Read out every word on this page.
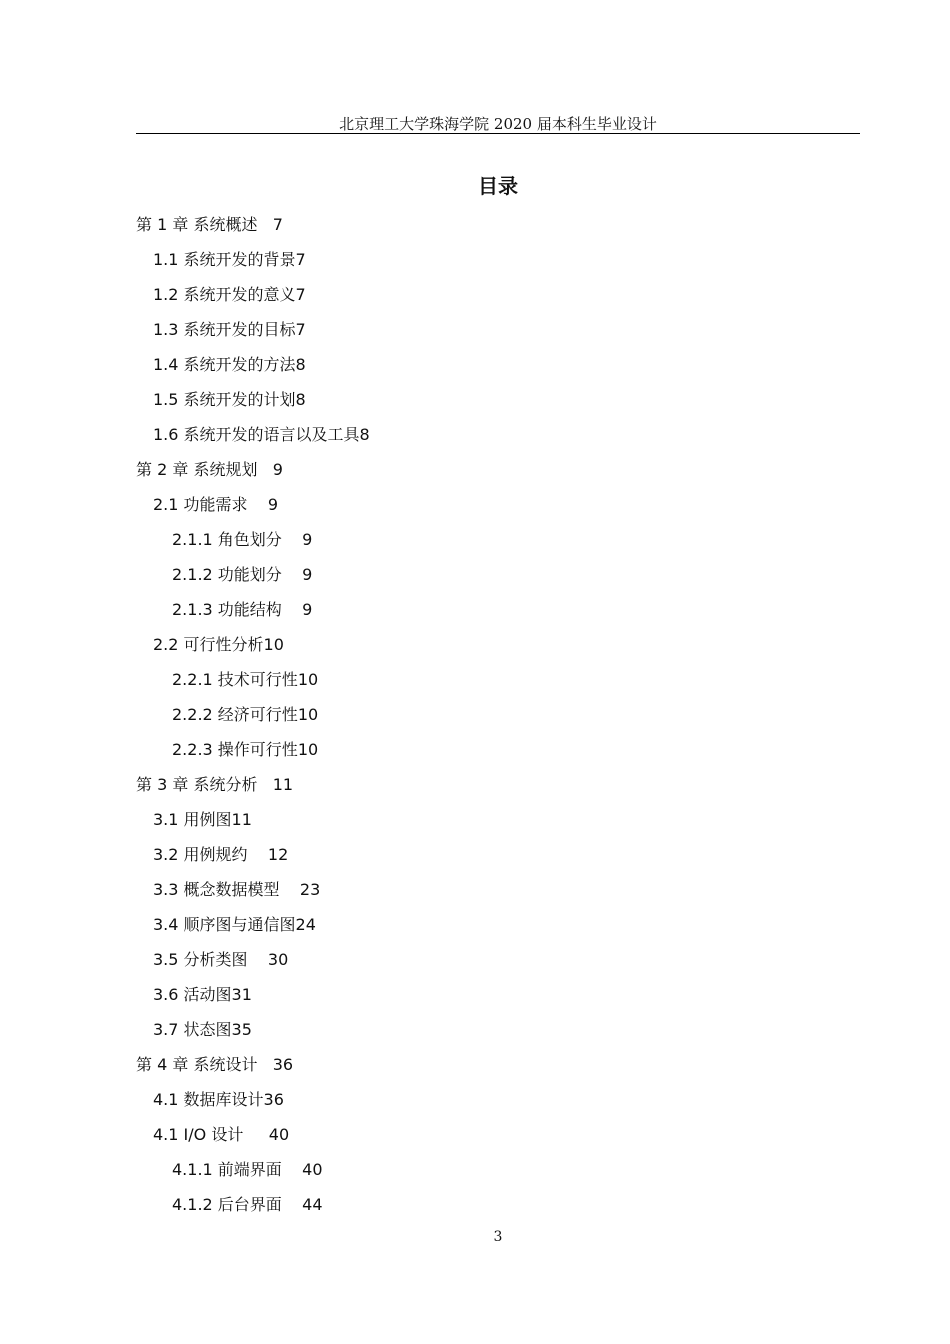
北京理工大学珠海学院 2020 届本科生毕业设计
目录
第 1 章 系统概述 7
1.1 系统开发的背景7
1.2 系统开发的意义7
1.3 系统开发的目标7
1.4 系统开发的方法8
1.5 系统开发的计划8
1.6 系统开发的语言以及工具8
第 2 章 系统规划 9
2.1 功能需求 9
2.1.1 角色划分 9
2.1.2 功能划分 9
2.1.3 功能结构 9
2.2 可行性分析10
2.2.1 技术可行性10
2.2.2 经济可行性10
2.2.3 操作可行性10
第 3 章 系统分析 11
3.1 用例图11
3.2 用例规约 12
3.3 概念数据模型 23
3.4 顺序图与通信图24
3.5 分析类图 30
3.6 活动图31
3.7 状态图35
第 4 章 系统设计 36
4.1 数据库设计36
4.1 I/O 设计 40
4.1.1 前端界面 40
4.1.2 后台界面 44
3
